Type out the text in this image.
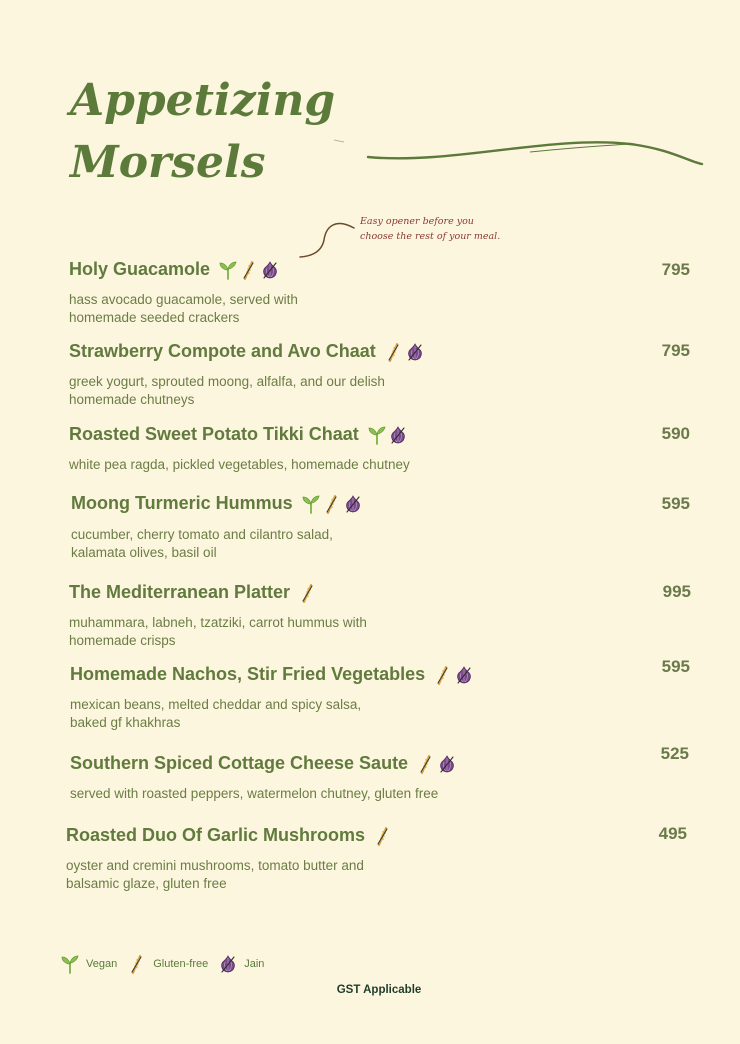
Appetizing
Morsels
Easy opener before you choose the rest of your meal.
Holy Guacamole
hass avocado guacamole, served with
homemade seeded crackers
795
Strawberry Compote and Avo Chaat
greek yogurt, sprouted moong, alfalfa, and our delish
homemade chutneys
795
Roasted Sweet Potato Tikki Chaat
white pea ragda, pickled vegetables, homemade chutney
590
Moong Turmeric Hummus
cucumber, cherry tomato and cilantro salad,
kalamata olives, basil oil
595
The Mediterranean Platter
muhammara, labneh, tzatziki, carrot hummus with
homemade crisps
995
Homemade Nachos, Stir Fried Vegetables
mexican beans, melted cheddar and spicy salsa,
baked gf khakhras
595
Southern Spiced Cottage Cheese Saute
served with roasted peppers, watermelon chutney, gluten free
525
Roasted Duo Of Garlic Mushrooms
oyster and cremini mushrooms, tomato butter and
balsamic glaze, gluten free
495
Vegan	Gluten-free	Jain
GST Applicable
